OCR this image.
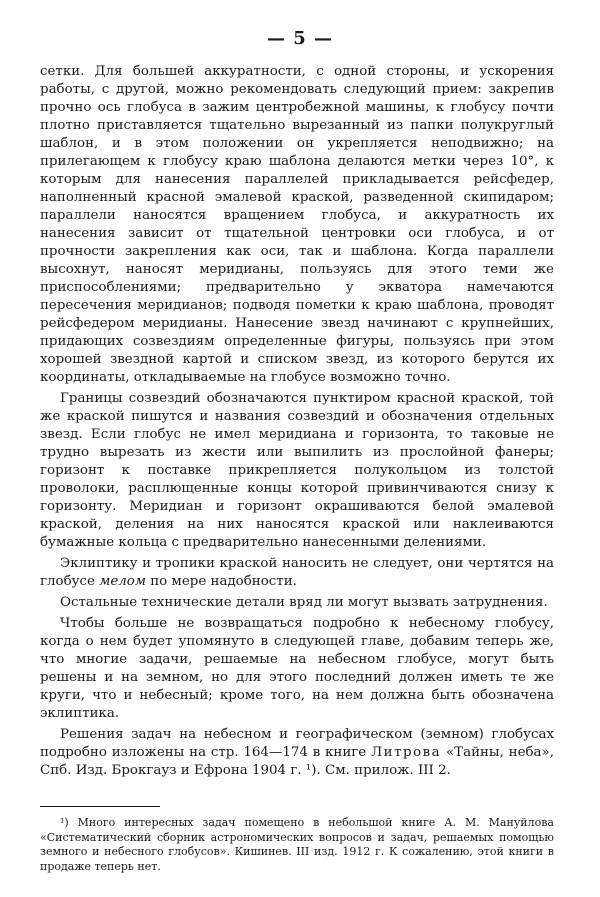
— 5 —

сетки. Для большей аккуратности, с одной стороны, и ускорения работы, с другой, можно рекомендовать следующий прием: закрепив прочно ось глобуса в зажим центробежной машины, к глобусу почти плотно приставляется тщательно вырезанный из папки полукруглый шаблон, и в этом положении он укрепляется неподвижно; на прилегающем к глобусу краю шаблона делаются метки через 10°, к которым для нанесения параллелей прикладывается рейсфедер, наполненный красной эмалевой краской, разведенной скипидаром; параллели наносятся вращением глобуса, и аккуратность их нанесения зависит от тщательной центровки оси глобуса, и от прочности закрепления как оси, так и шаблона. Когда параллели высохнут, наносят меридианы, пользуясь для этого теми же приспособлениями; предварительно у экватора намечаются пересечения меридианов; подводя пометки к краю шаблона, проводят рейсфедером меридианы. Нанесение звезд начинают с крупнейших, придающих созвездиям определенные фигуры, пользуясь при этом хорошей звездной картой и списком звезд, из которого берутся их координаты, откладываемые на глобусе возможно точно.

Границы созвездий обозначаются пунктиром красной краской, той же краской пишутся и названия созвездий и обозначения отдельных звезд. Если глобус не имел меридиана и горизонта, то таковые не трудно вырезать из жести или выпилить из прослойной фанеры; горизонт к поставке прикрепляется полукольцом из толстой проволоки, расплющенные концы которой привинчиваются снизу к горизонту. Меридиан и горизонт окрашиваются белой эмалевой краской, деления на них наносятся краской или наклеиваются бумажные кольца с предварительно нанесенными делениями.

Эклиптику и тропики краской наносить не следует, они чертятся на глобусе мелом по мере надобности.

Остальные технические детали вряд ли могут вызвать затруднения.

Чтобы больше не возвращаться подробно к небесному глобусу, когда о нем будет упомянуто в следующей главе, добавим теперь же, что многие задачи, решаемые на небесном глобусе, могут быть решены и на земном, но для этого последний должен иметь те же круги, что и небесный; кроме того, на нем должна быть обозначена эклиптика.

Решения задач на небесном и географическом (земном) глобусах подробно изложены на стр. 164—174 в книге Литрова «Тайны, неба», Спб. Изд. Брокгауз и Ефрона 1904 г. ¹). См. прилож. III 2.

¹) Много интересных задач помещено в небольшой книге А. М. Мануйлова «Систематический сборник астрономических вопросов и задач, решаемых помощью земного и небесного глобусов». Кишинев. III изд. 1912 г. К сожалению, этой книги в продаже теперь нет.
